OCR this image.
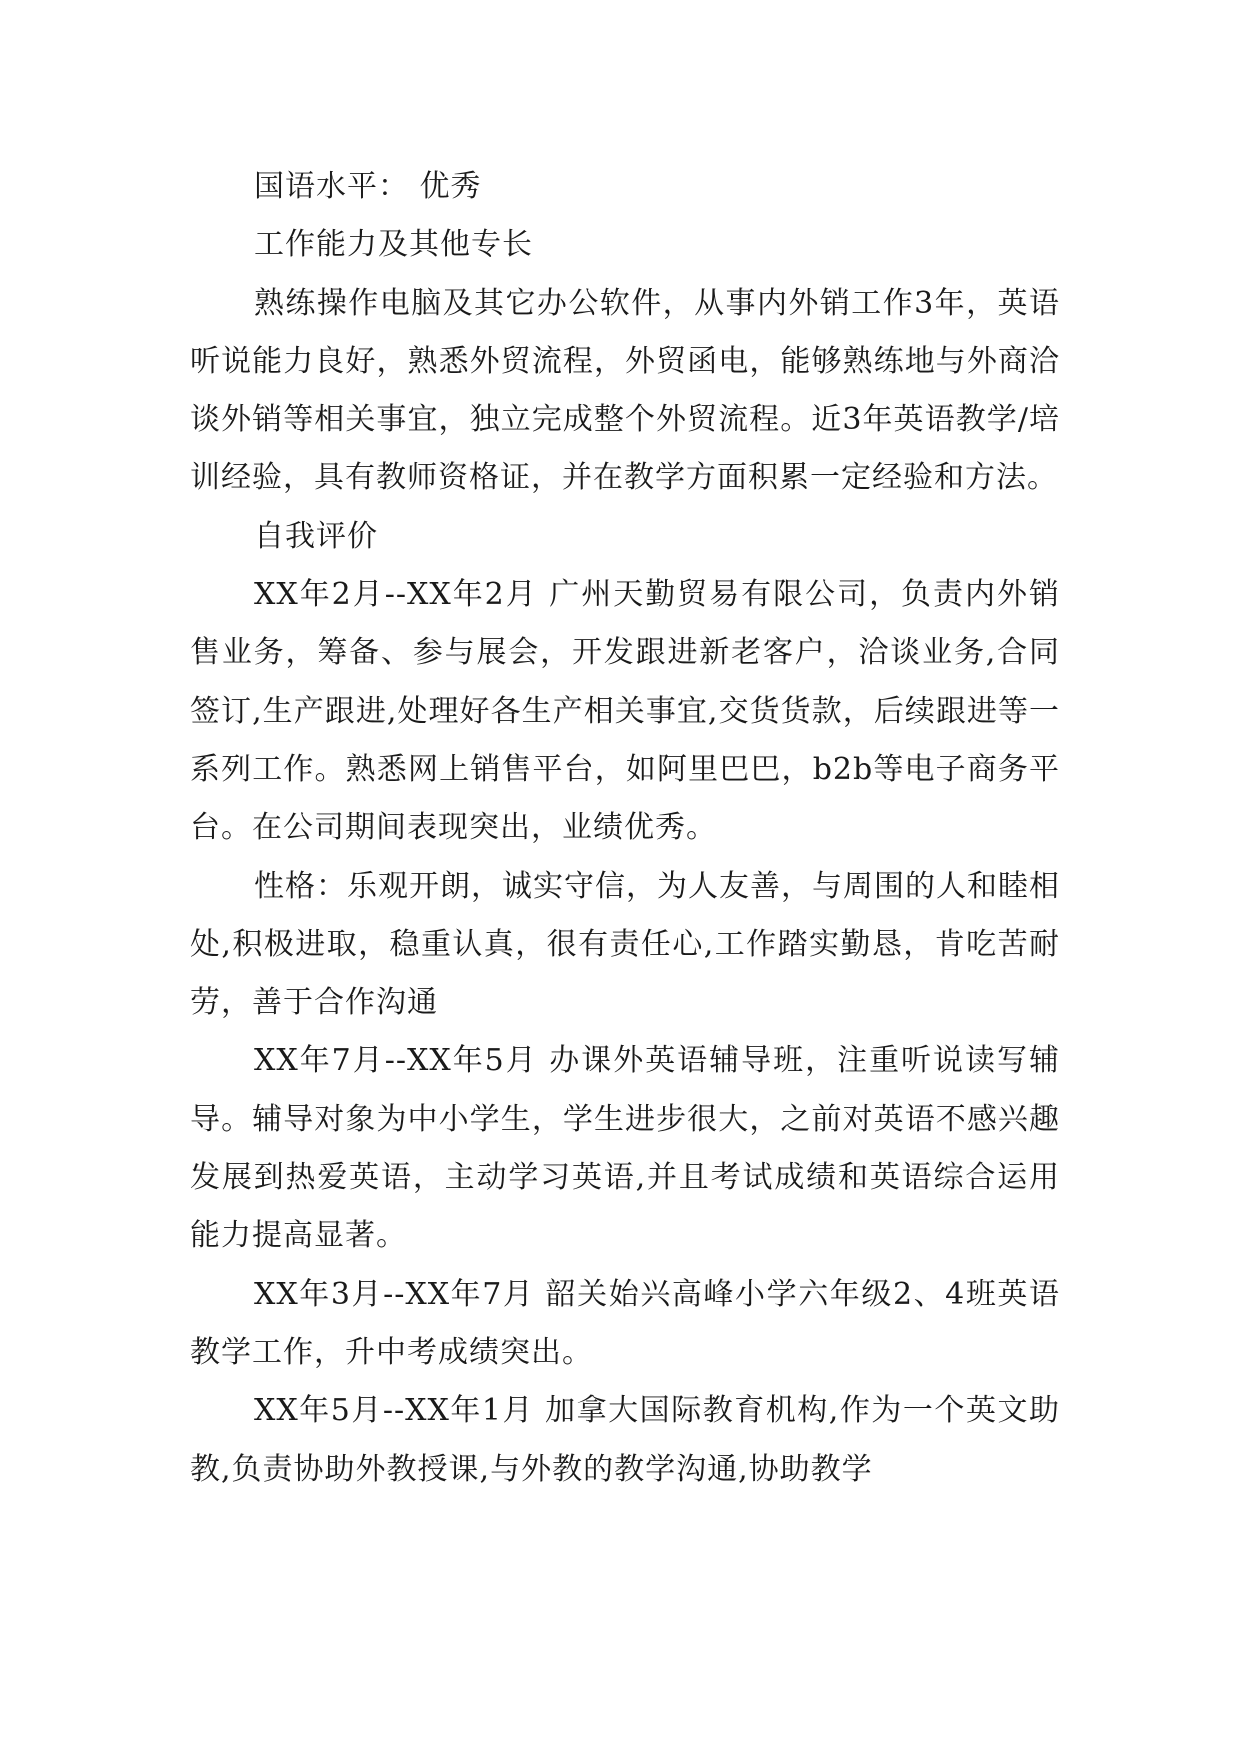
国语水平： 优秀

工作能力及其他专长

熟练操作电脑及其它办公软件，从事内外销工作3年，英语听说能力良好，熟悉外贸流程，外贸函电，能够熟练地与外商洽谈外销等相关事宜，独立完成整个外贸流程。近3年英语教学/培训经验，具有教师资格证，并在教学方面积累一定经验和方法。

自我评价

XX年2月--XX年2月 广州天勤贸易有限公司，负责内外销售业务，筹备、参与展会，开发跟进新老客户，洽谈业务,合同签订,生产跟进,处理好各生产相关事宜,交货货款，后续跟进等一系列工作。熟悉网上销售平台，如阿里巴巴，b2b等电子商务平台。在公司期间表现突出，业绩优秀。

性格：乐观开朗，诚实守信，为人友善，与周围的人和睦相处,积极进取，稳重认真，很有责任心,工作踏实勤恳，肯吃苦耐劳，善于合作沟通

XX年7月--XX年5月 办课外英语辅导班，注重听说读写辅导。辅导对象为中小学生，学生进步很大，之前对英语不感兴趣发展到热爱英语，主动学习英语,并且考试成绩和英语综合运用能力提高显著。

XX年3月--XX年7月 韶关始兴高峰小学六年级2、4班英语教学工作，升中考成绩突出。

XX年5月--XX年1月 加拿大国际教育机构,作为一个英文助教,负责协助外教授课,与外教的教学沟通,协助教学
